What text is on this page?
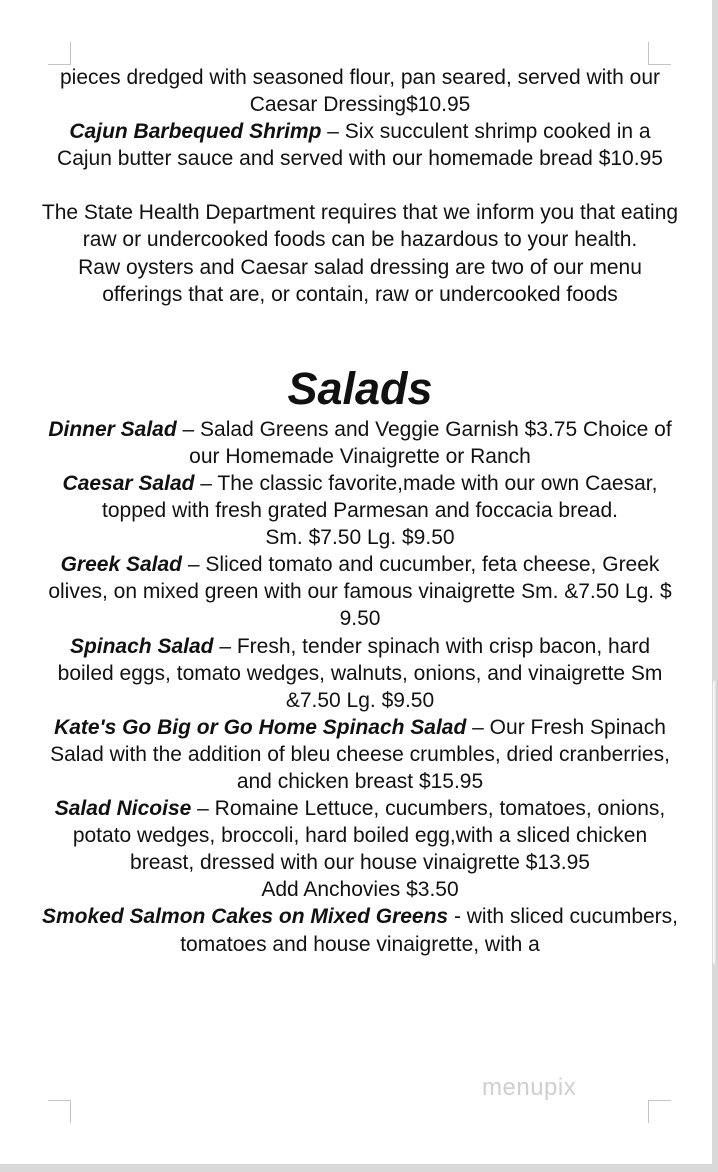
pieces dredged with seasoned flour, pan seared, served with our Caesar Dressing$10.95
Cajun Barbequed Shrimp – Six succulent shrimp cooked in a Cajun butter sauce and served with our homemade bread $10.95
The State Health Department requires that we inform you that eating raw or undercooked foods can be hazardous to your health.
Raw oysters and Caesar salad dressing are two of our menu offerings that are, or contain, raw or undercooked foods
Salads
Dinner Salad – Salad Greens and Veggie Garnish $3.75 Choice of our Homemade Vinaigrette or Ranch
Caesar Salad – The classic favorite,made with our own Caesar, topped with fresh grated Parmesan and foccacia bread.
Sm. $7.50 Lg. $9.50
Greek Salad – Sliced tomato and cucumber, feta cheese, Greek olives, on mixed green with our famous vinaigrette Sm. &7.50 Lg. $ 9.50
Spinach Salad – Fresh, tender spinach with crisp bacon, hard boiled eggs, tomato wedges, walnuts, onions, and vinaigrette Sm &7.50 Lg. $9.50
Kate's Go Big or Go Home Spinach Salad – Our Fresh Spinach Salad with the addition of bleu cheese crumbles, dried cranberries, and chicken breast $15.95
Salad Nicoise – Romaine Lettuce, cucumbers, tomatoes, onions, potato wedges, broccoli, hard boiled egg,with a sliced chicken breast, dressed with our house vinaigrette $13.95
Add Anchovies $3.50
Smoked Salmon Cakes on Mixed Greens - with sliced cucumbers, tomatoes and house vinaigrette, with a
menupix
